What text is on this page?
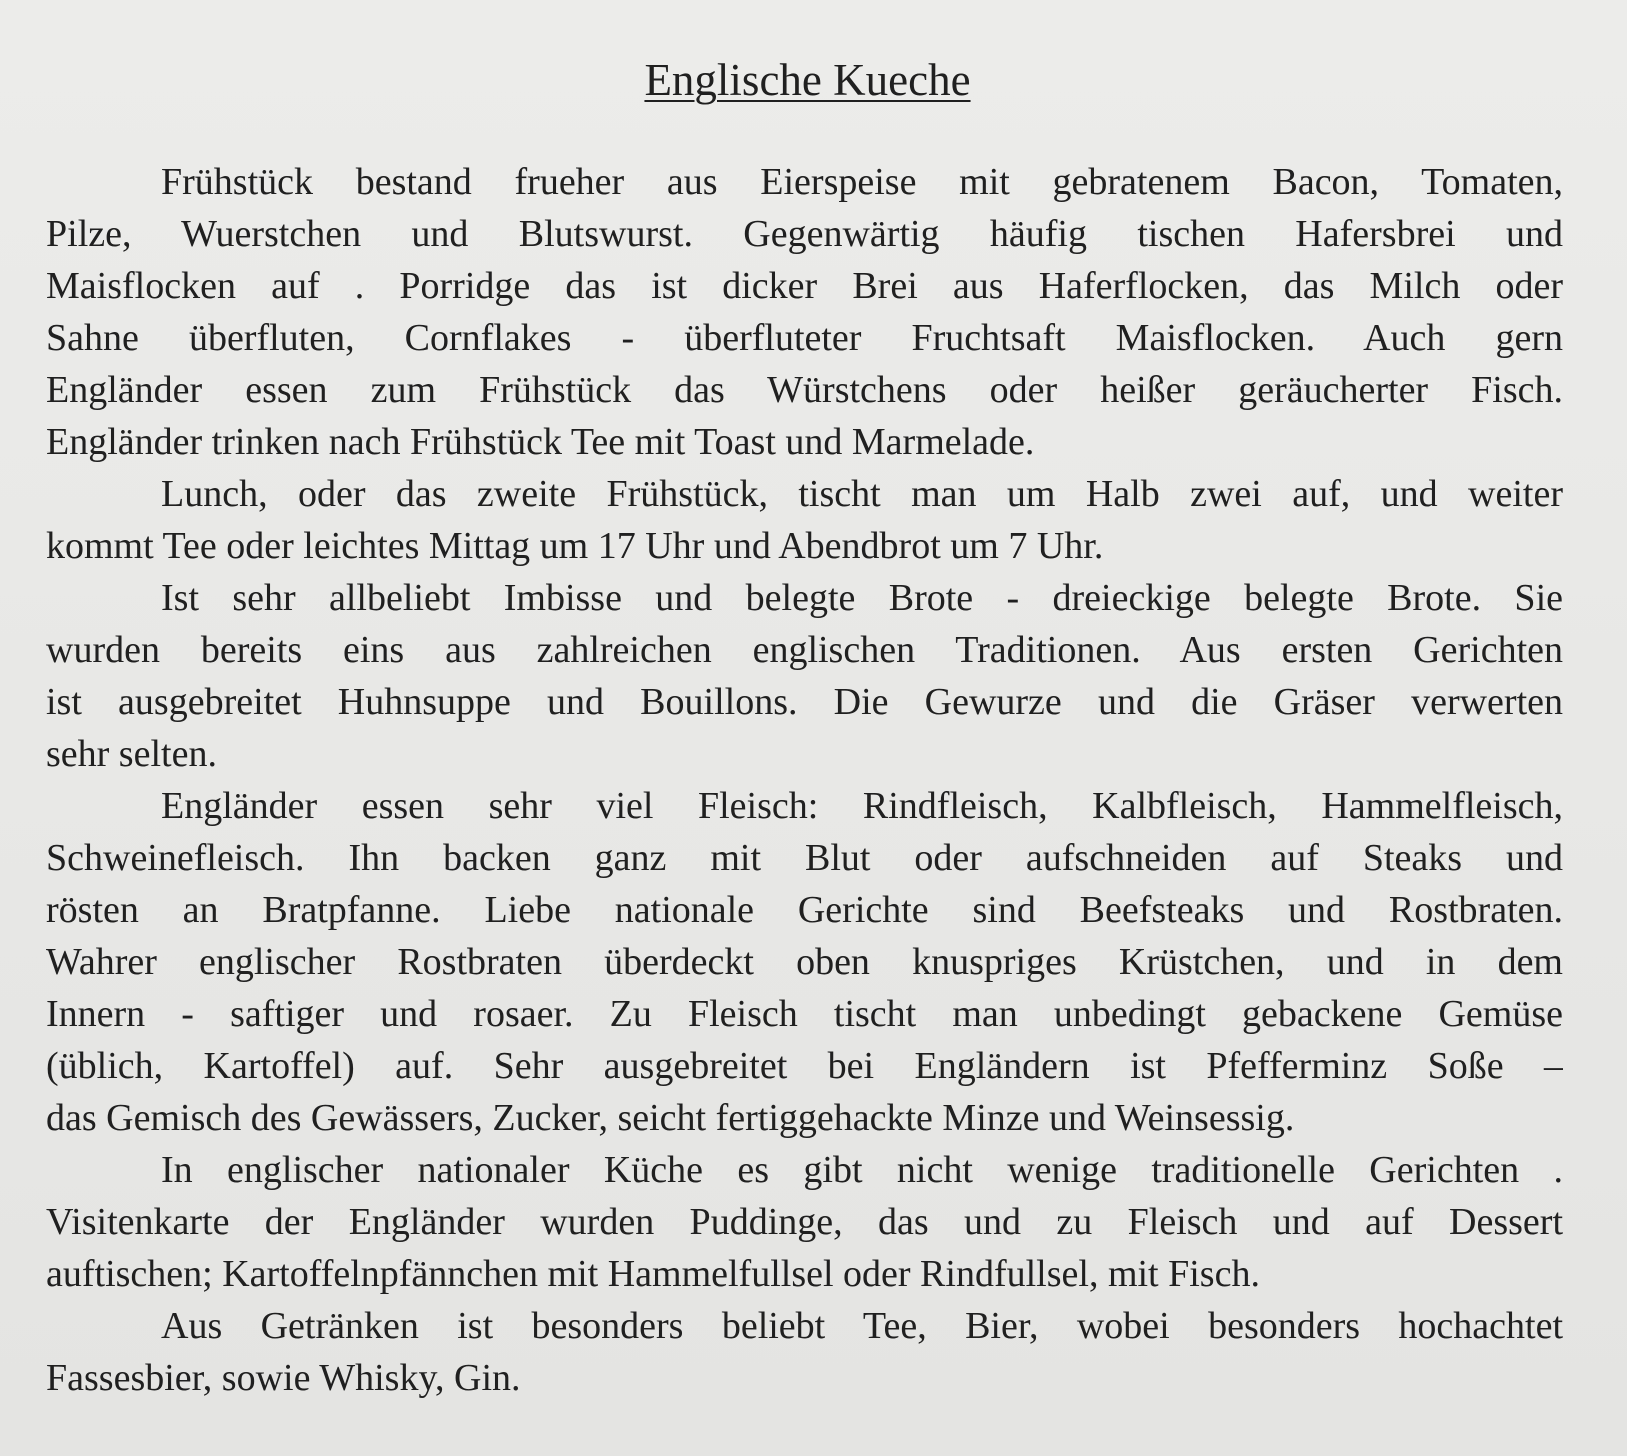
Englische Kueche
Frühstück bestand frueher aus Eierspeise mit gebratenem Bacon, Tomaten,
Pilze, Wuerstchen und Blutswurst. Gegenwärtig häufig tischen Hafersbrei und
Maisflocken auf . Porridge das ist dicker Brei aus Haferflocken, das Milch oder
Sahne überfluten, Cornflakes - überfluteter Fruchtsaft Maisflocken. Auch gern
Engländer essen zum Frühstück das Würstchens oder heißer geräucherter Fisch.
Engländer trinken nach Frühstück Tee mit Toast und Marmelade.
Lunch, oder das zweite Frühstück, tischt man um Halb zwei auf, und weiter
kommt Tee oder leichtes Mittag um 17 Uhr und Abendbrot um 7 Uhr.
Ist sehr allbeliebt Imbisse und belegte Brote - dreieckige belegte Brote. Sie
wurden bereits eins aus zahlreichen englischen Traditionen. Aus ersten Gerichten
ist ausgebreitet Huhnsuppe und Bouillons. Die Gewurze und die Gräser verwerten
sehr selten.
Engländer essen sehr viel Fleisch: Rindfleisch, Kalbfleisch, Hammelfleisch,
Schweinefleisch. Ihn backen ganz mit Blut oder aufschneiden auf Steaks und
rösten an Bratpfanne. Liebe nationale Gerichte sind Beefsteaks und Rostbraten.
Wahrer englischer Rostbraten überdeckt oben knuspriges Krüstchen, und in dem
Innern - saftiger und rosaer. Zu Fleisch tischt man unbedingt gebackene Gemüse
(üblich, Kartoffel) auf. Sehr ausgebreitet bei Engländern ist Pfefferminz Soße –
das Gemisch des Gewässers, Zucker, seicht fertiggehackte Minze und Weinsessig.
In englischer nationaler Küche es gibt nicht wenige traditionelle Gerichten .
Visitenkarte der Engländer wurden Puddinge, das und zu Fleisch und auf Dessert
auftischen; Kartoffelnpfännchen mit Hammelfullsel oder Rindfullsel, mit Fisch.
Aus Getränken ist besonders beliebt Tee, Bier, wobei besonders hochachtet
Fassesbier, sowie Whisky, Gin.
